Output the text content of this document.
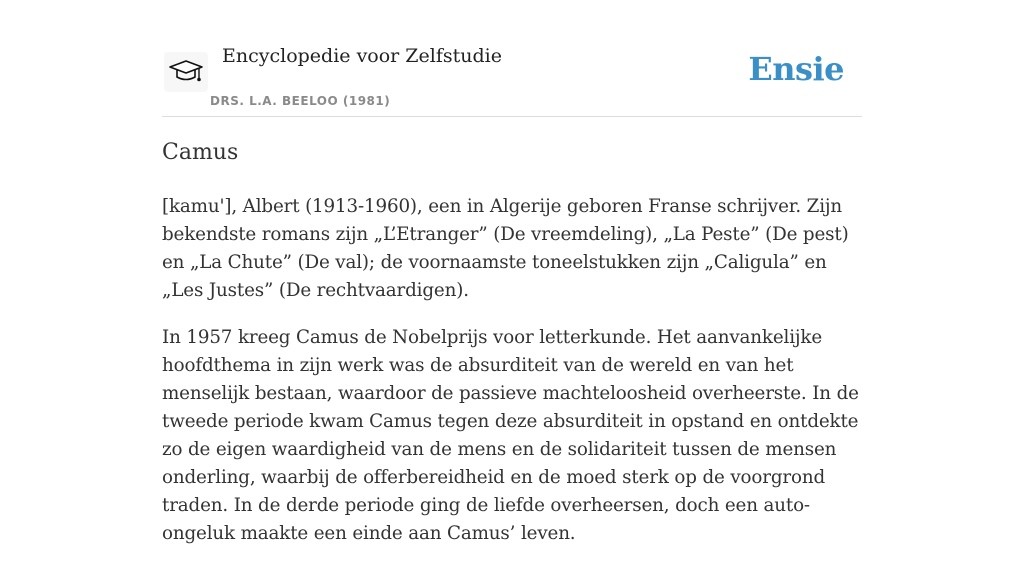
Encyclopedie voor Zelfstudie
DRS. L.A. BEELOO (1981)
Ensie
Camus

[kamu'], Albert (1913-1960), een in Algerije geboren Franse schrijver. Zijn bekendste romans zijn „L’Etranger” (De vreemdeling), „La Peste” (De pest) en „La Chute” (De val); de voornaamste toneelstukken zijn „Caligula” en „Les Justes” (De rechtvaardigen).

In 1957 kreeg Camus de Nobelprijs voor letterkunde. Het aanvankelijke hoofdthema in zijn werk was de absurditeit van de wereld en van het menselijk bestaan, waardoor de passieve machteloosheid overheerste. In de tweede periode kwam Camus tegen deze absurditeit in opstand en ontdekte zo de eigen waardigheid van de mens en de solidariteit tussen de mensen onderling, waarbij de offerbereidheid en de moed sterk op de voorgrond traden. In de derde periode ging de liefde overheersen, doch een auto-ongeluk maakte een einde aan Camus’ leven.
